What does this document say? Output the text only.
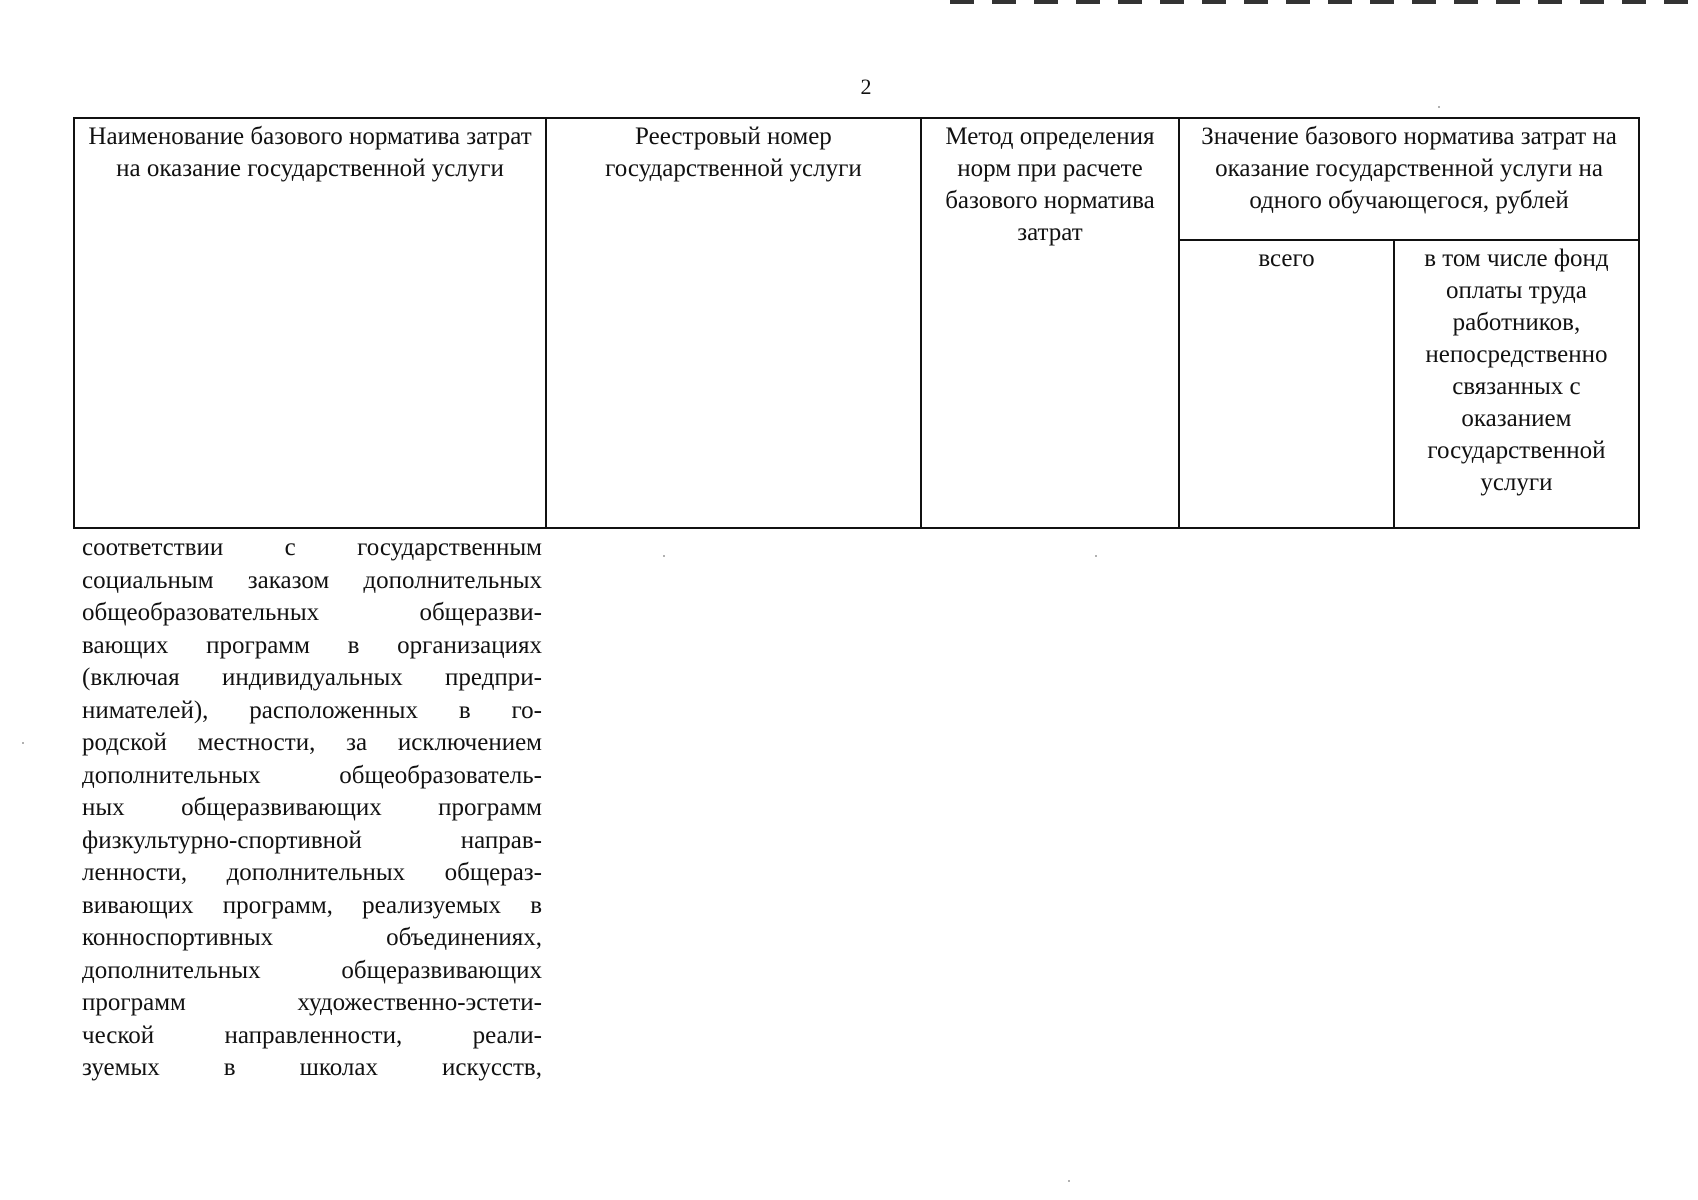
2
Наименование базового норматива затрат на оказание государственной услуги	Реестровый номер государственной услуги	Метод определения норм при расчете базового норматива затрат	Значение базового норматива затрат на оказание государственной услуги на одного обучающегося, рублей	
			всего	в том числе фонд оплаты труда работников, непосредственно связанных с оказанием государственной услуги
соответствии с государственным
социальным заказом дополнительных
общеобразовательных общеразви-
вающих программ в организациях
(включая индивидуальных предпри-
нимателей), расположенных в го-
родской местности, за исключением
дополнительных общеобразователь-
ных общеразвивающих программ
физкультурно-спортивной направ-
ленности, дополнительных общераз-
вивающих программ, реализуемых в
конноспортивных объединениях,
дополнительных общеразвивающих
программ художественно-эстети-
ческой направленности, реали-
зуемых в школах искусств,
